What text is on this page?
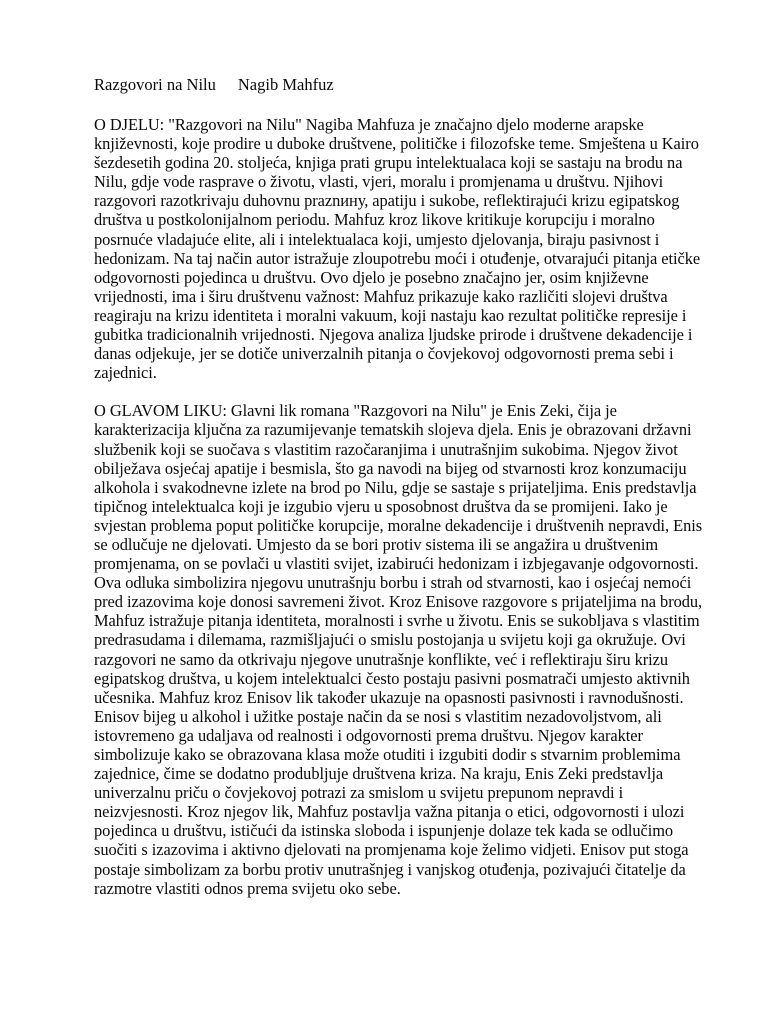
Razgovori na Nilu Nagib Mahfuz

O DJELU: "Razgovori na Nilu" Nagiba Mahfuza je značajno djelo moderne arapske književnosti, koje prodire u duboke društvene, političke i filozofske teme. Smještena u Kairo šezdesetih godina 20. stoljeća, knjiga prati grupu intelektualaca koji se sastaju na brodu na Nilu, gdje vode rasprave o životu, vlasti, vjeri, moralu i promjenama u društvu. Njihovi razgovori razotkrivaju duhovnu praznину, apatiju i sukobe, reflektirajući krizu egipatskog društva u postkolonijalnom periodu. Mahfuz kroz likove kritikuje korupciju i moralno posrnuće vladajuće elite, ali i intelektualaca koji, umjesto djelovanja, biraju pasivnost i hedonizam. Na taj način autor istražuje zloupotrebu moći i otuđenje, otvarajući pitanja etičke odgovornosti pojedinca u društvu. Ovo djelo je posebno značajno jer, osim književne vrijednosti, ima i širu društvenu važnost: Mahfuz prikazuje kako različiti slojevi društva reagiraju na krizu identiteta i moralni vakuum, koji nastaju kao rezultat političke represije i gubitka tradicionalnih vrijednosti. Njegova analiza ljudske prirode i društvene dekadencije i danas odjekuje, jer se dotiče univerzalnih pitanja o čovjekovoj odgovornosti prema sebi i zajednici.

O GLAVOM LIKU: Glavni lik romana "Razgovori na Nilu" je Enis Zeki, čija je karakterizacija ključna za razumijevanje tematskih slojeva djela. Enis je obrazovani državni službenik koji se suočava s vlastitim razočaranjima i unutrašnjim sukobima. Njegov život obilježava osjećaj apatije i besmisla, što ga navodi na bijeg od stvarnosti kroz konzumaciju alkohola i svakodnevne izlete na brod po Nilu, gdje se sastaje s prijateljima. Enis predstavlja tipičnog intelektualca koji je izgubio vjeru u sposobnost društva da se promijeni. Iako je svjestan problema poput političke korupcije, moralne dekadencije i društvenih nepravdi, Enis se odlučuje ne djelovati. Umjesto da se bori protiv sistema ili se angažira u društvenim promjenama, on se povlači u vlastiti svijet, izabirući hedonizam i izbjegavanje odgovornosti. Ova odluka simbolizira njegovu unutrašnju borbu i strah od stvarnosti, kao i osjećaj nemoći pred izazovima koje donosi savremeni život. Kroz Enisove razgovore s prijateljima na brodu, Mahfuz istražuje pitanja identiteta, moralnosti i svrhe u životu. Enis se sukobljava s vlastitim predrasudama i dilemama, razmišljajući o smislu postojanja u svijetu koji ga okružuje. Ovi razgovori ne samo da otkrivaju njegove unutrašnje konflikte, već i reflektiraju širu krizu egipatskog društva, u kojem intelektualci često postaju pasivni posmatrači umjesto aktivnih učesnika. Mahfuz kroz Enisov lik također ukazuje na opasnosti pasivnosti i ravnodušnosti. Enisov bijeg u alkohol i užitke postaje način da se nosi s vlastitim nezadovoljstvom, ali istovremeno ga udaljava od realnosti i odgovornosti prema društvu. Njegov karakter simbolizuje kako se obrazovana klasa može otuditi i izgubiti dodir s stvarnim problemima zajednice, čime se dodatno produbljuje društvena kriza. Na kraju, Enis Zeki predstavlja univerzalnu priču o čovjekovoj potrazi za smislom u svijetu prepunom nepravdi i neizvjesnosti. Kroz njegov lik, Mahfuz postavlja važna pitanja o etici, odgovornosti i ulozi pojedinca u društvu, ističući da istinska sloboda i ispunjenje dolaze tek kada se odlučimo suočiti s izazovima i aktivno djelovati na promjenama koje želimo vidjeti. Enisov put stoga postaje simbolizam za borbu protiv unutrašnjeg i vanjskog otuđenja, pozivajući čitatelje da razmotre vlastiti odnos prema svijetu oko sebe.
